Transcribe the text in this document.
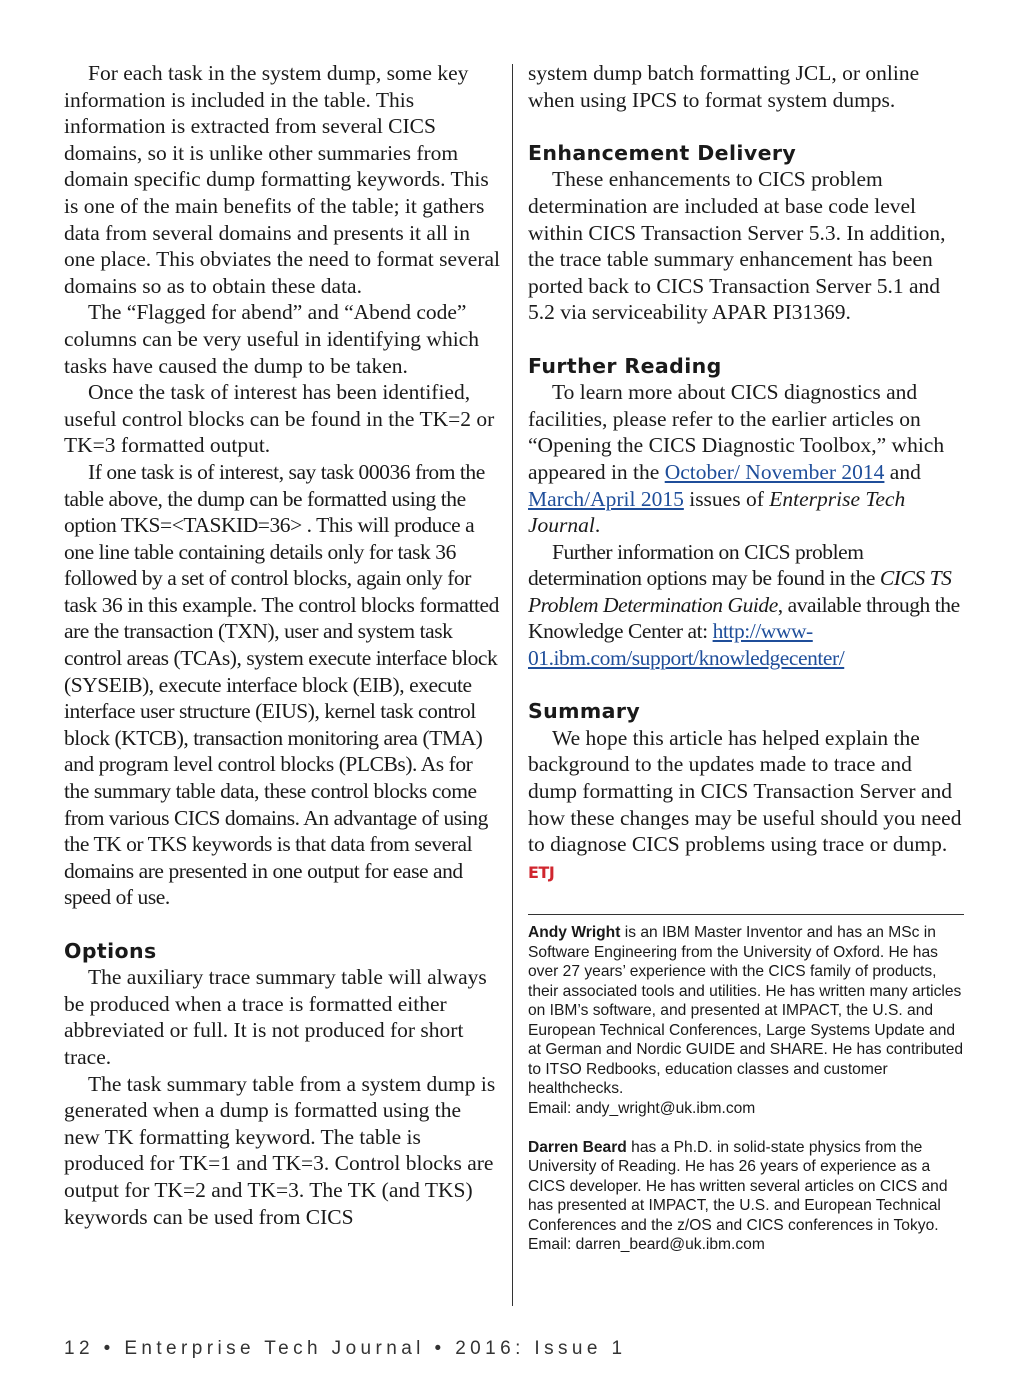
For each task in the system dump, some key information is included in the table. This information is extracted from several CICS domains, so it is unlike other summaries from domain specific dump formatting keywords. This is one of the main benefits of the table; it gathers data from several domains and presents it all in one place. This obviates the need to format several domains so as to obtain these data.

The “Flagged for abend” and “Abend code” columns can be very useful in identifying which tasks have caused the dump to be taken.

Once the task of interest has been identified, useful control blocks can be found in the TK=2 or TK=3 formatted output.

If one task is of interest, say task 00036 from the table above, the dump can be formatted using the option TKS=<TASKID=36> . This will produce a one line table containing details only for task 36 followed by a set of control blocks, again only for task 36 in this example. The control blocks formatted are the transaction (TXN), user and system task control areas (TCAs), system execute interface block (SYSEIB), execute interface block (EIB), execute interface user structure (EIUS), kernel task control block (KTCB), transaction monitoring area (TMA) and program level control blocks (PLCBs). As for the summary table data, these control blocks come from various CICS domains. An advantage of using the TK or TKS keywords is that data from several domains are presented in one output for ease and speed of use.

Options

The auxiliary trace summary table will always be produced when a trace is formatted either abbreviated or full. It is not produced for short trace.

The task summary table from a system dump is generated when a dump is formatted using the new TK formatting keyword. The table is produced for TK=1 and TK=3. Control blocks are output for TK=2 and TK=3. The TK (and TKS) keywords can be used from CICS

system dump batch formatting JCL, or online when using IPCS to format system dumps.

Enhancement Delivery

These enhancements to CICS problem determination are included at base code level within CICS Transaction Server 5.3. In addition, the trace table summary enhancement has been ported back to CICS Transaction Server 5.1 and 5.2 via serviceability APAR PI31369.

Further Reading

To learn more about CICS diagnostics and facilities, please refer to the earlier articles on “Opening the CICS Diagnostic Toolbox,” which appeared in the October/ November 2014 and March/April 2015 issues of Enterprise Tech Journal.

Further information on CICS problem determination options may be found in the CICS TS Problem Determination Guide, available through the Knowledge Center at: http://www-01.ibm.com/support/knowledgecenter/

Summary

We hope this article has helped explain the background to the updates made to trace and dump formatting in CICS Transaction Server and how these changes may be useful should you need to diagnose CICS problems using trace or dump. ETJ

Andy Wright is an IBM Master Inventor and has an MSc in Software Engineering from the University of Oxford. He has over 27 years’ experience with the CICS family of products, their associated tools and utilities. He has written many articles on IBM’s software, and presented at IMPACT, the U.S. and European Technical Conferences, Large Systems Update and at German and Nordic GUIDE and SHARE. He has contributed to ITSO Redbooks, education classes and customer healthchecks.
Email: andy_wright@uk.ibm.com

Darren Beard has a Ph.D. in solid-state physics from the University of Reading. He has 26 years of experience as a CICS developer. He has written several articles on CICS and has presented at IMPACT, the U.S. and European Technical Conferences and the z/OS and CICS conferences in Tokyo.
Email: darren_beard@uk.ibm.com

12 • Enterprise Tech Journal • 2016: Issue 1
